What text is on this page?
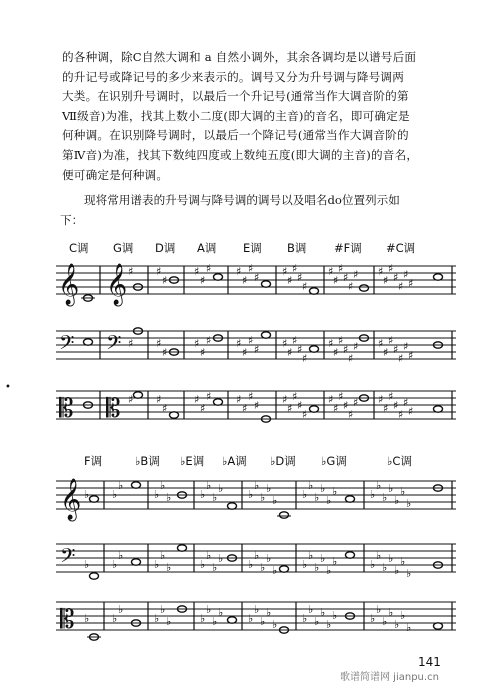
的各种调，除C自然大调和 a 自然小调外，其余各调均是以谱号后面

的升记号或降记号的多少来表示的。调号又分为升号调与降号调两

大类。在识别升号调时，以最后一个升记号(通常当作大调音阶的第

Ⅶ级音)为准，找其上数小二度(即大调的主音)的音名，即可确定是

何种调。在识别降号调时，以最后一个降记号(通常当作大调音阶的

第Ⅳ音)为准，找其下数纯四度或上数纯五度(即大调的主音)的音名，

便可确定是何种调。

现将常用谱表的升号调与降号调的调号以及唱名do位置列示如

下：

C调 G调 D调 A调 E调 B调 #F调 #C调
𝄞 𝄞 ♯ ♯
♯
♯
♯
♯ ♯
♯
♯
♯ ♯
♯
♯
♯
♯
♯
♯
♯
♯
♯
♯ ♯
♯
♯
♯
♯
♯
♯
𝄢 𝄢 ♯ ♯
♯
♯
♯
♯ ♯
♯
♯
♯ ♯
♯
♯
♯
♯
♯
♯
♯
♯
♯
♯ ♯
♯
♯
♯
♯
♯
♯
𝄡 𝄡 ♯ ♯
♯
♯
♯
♯ ♯
♯
♯
♯ ♯
♯
♯
♯
♯
♯
♯
♯
♯
♯
♯ ♯
♯
♯
♯
♯
♯
♯
•
F调	♭B调 ♭E调 ♭A调 ♭D调 ♭G调	♭C调
𝄞 ♭ ♭
♭
♭
♭
♭	♭
♭
♭
♭ ♭
♭
♭
♭
♭ ♭
♭
♭
♭
♭
♭	♭
♭
♭
♭
♭
♭
♭
𝄢 ♭ ♭
♭
♭
♭
♭	♭
♭
♭
♭ ♭
♭
♭
♭
♭ ♭
♭
♭
♭
♭
♭	♭
♭
♭
♭
♭
♭
♭
𝄡 ♭ ♭
♭
♭
♭
♭	♭
♭
♭
♭ ♭
♭
♭
♭
♭ ♭
♭
♭
♭
♭
♭	♭
♭
♭
♭
♭
♭
♭
141
歌谱简谱网 jianpu.cn
